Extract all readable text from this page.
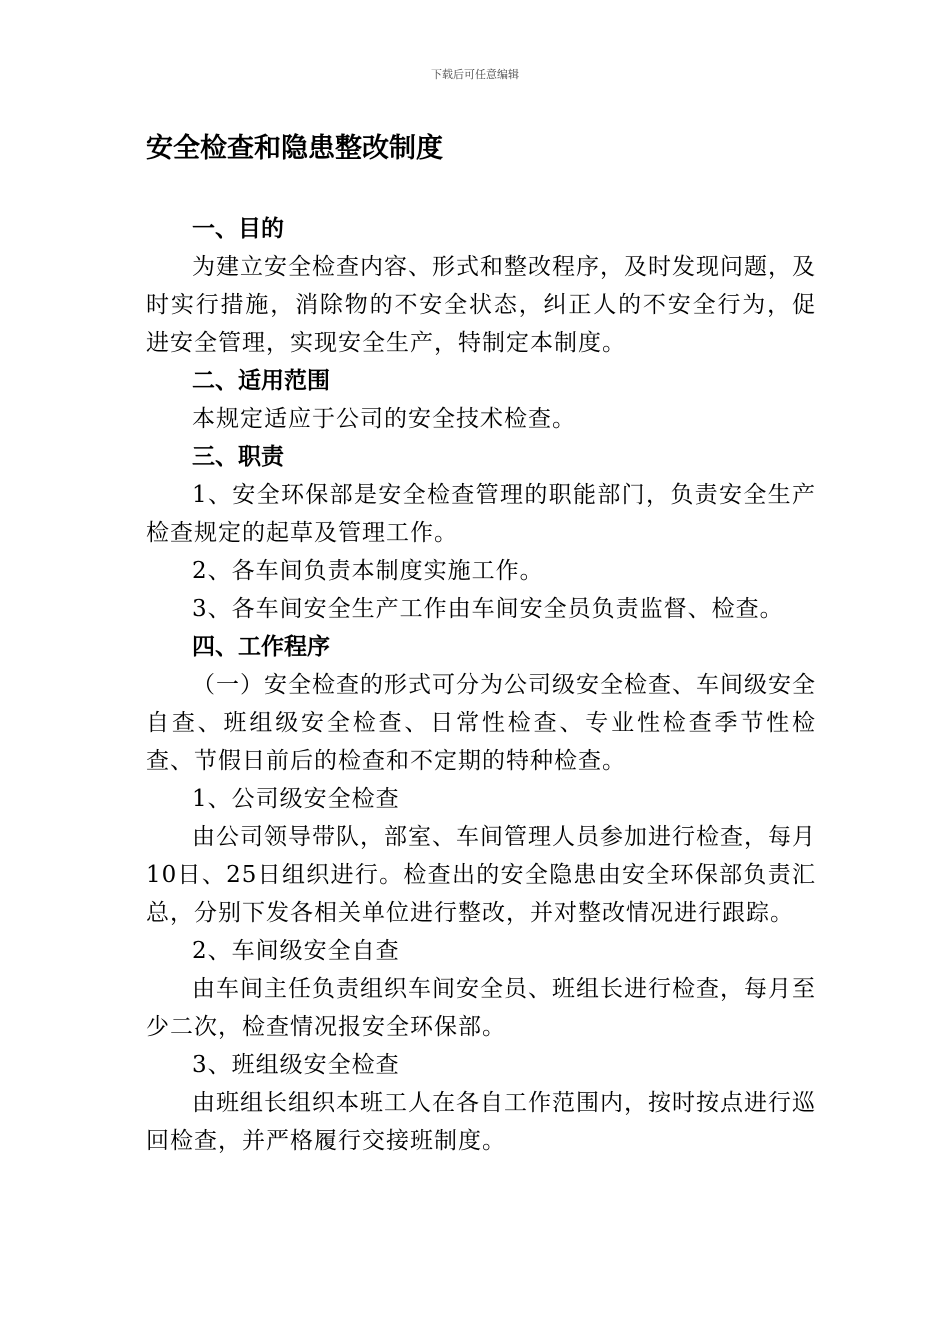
下载后可任意编辑
安全检查和隐患整改制度

一、目的

为建立安全检查内容、形式和整改程序，及时发现问题，及时实行措施，消除物的不安全状态，纠正人的不安全行为，促进安全管理，实现安全生产，特制定本制度。

二、适用范围

本规定适应于公司的安全技术检查。

三、职责

1、安全环保部是安全检查管理的职能部门，负责安全生产检查规定的起草及管理工作。

2、各车间负责本制度实施工作。

3、各车间安全生产工作由车间安全员负责监督、检查。

四、工作程序

（一）安全检查的形式可分为公司级安全检查、车间级安全自查、班组级安全检查、日常性检查、专业性检查季节性检查、节假日前后的检查和不定期的特种检查。

1、公司级安全检查

由公司领导带队，部室、车间管理人员参加进行检查，每月10日、25日组织进行。检查出的安全隐患由安全环保部负责汇总，分别下发各相关单位进行整改，并对整改情况进行跟踪。

2、车间级安全自查

由车间主任负责组织车间安全员、班组长进行检查，每月至少二次，检查情况报安全环保部。

3、班组级安全检查

由班组长组织本班工人在各自工作范围内，按时按点进行巡回检查，并严格履行交接班制度。
